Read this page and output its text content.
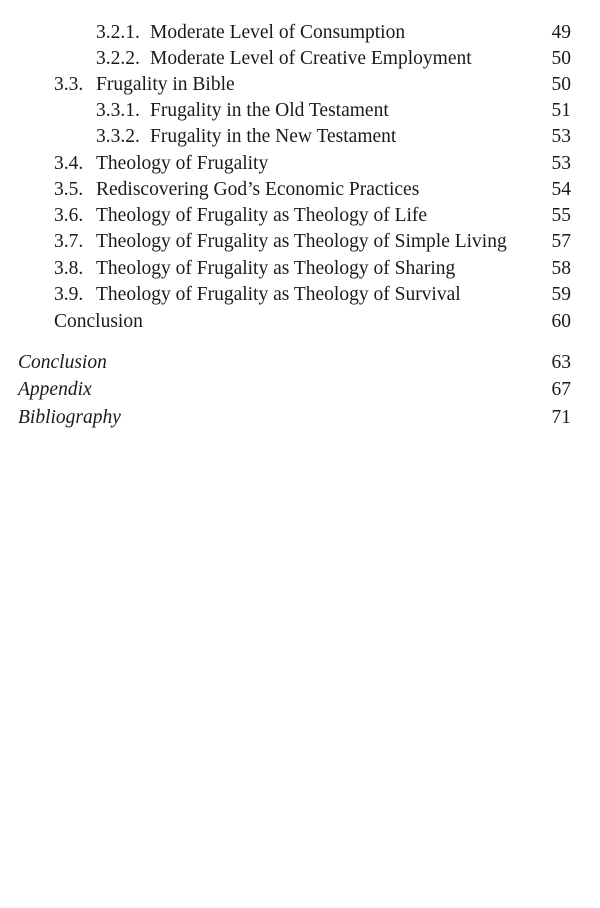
3.2.1. Moderate Level of Consumption	49
3.2.2. Moderate Level of Creative Employment	50
3.3. Frugality in Bible	50
3.3.1. Frugality in the Old Testament	51
3.3.2. Frugality in the New Testament	53
3.4. Theology of Frugality	53
3.5. Rediscovering God’s Economic Practices	54
3.6. Theology of Frugality as Theology of Life	55
3.7. Theology of Frugality as Theology of Simple Living 57
3.8. Theology of Frugality as Theology of Sharing	58
3.9. Theology of Frugality as Theology of Survival	59
Conclusion	60
Conclusion	63
Appendix	67
Bibliography	71
